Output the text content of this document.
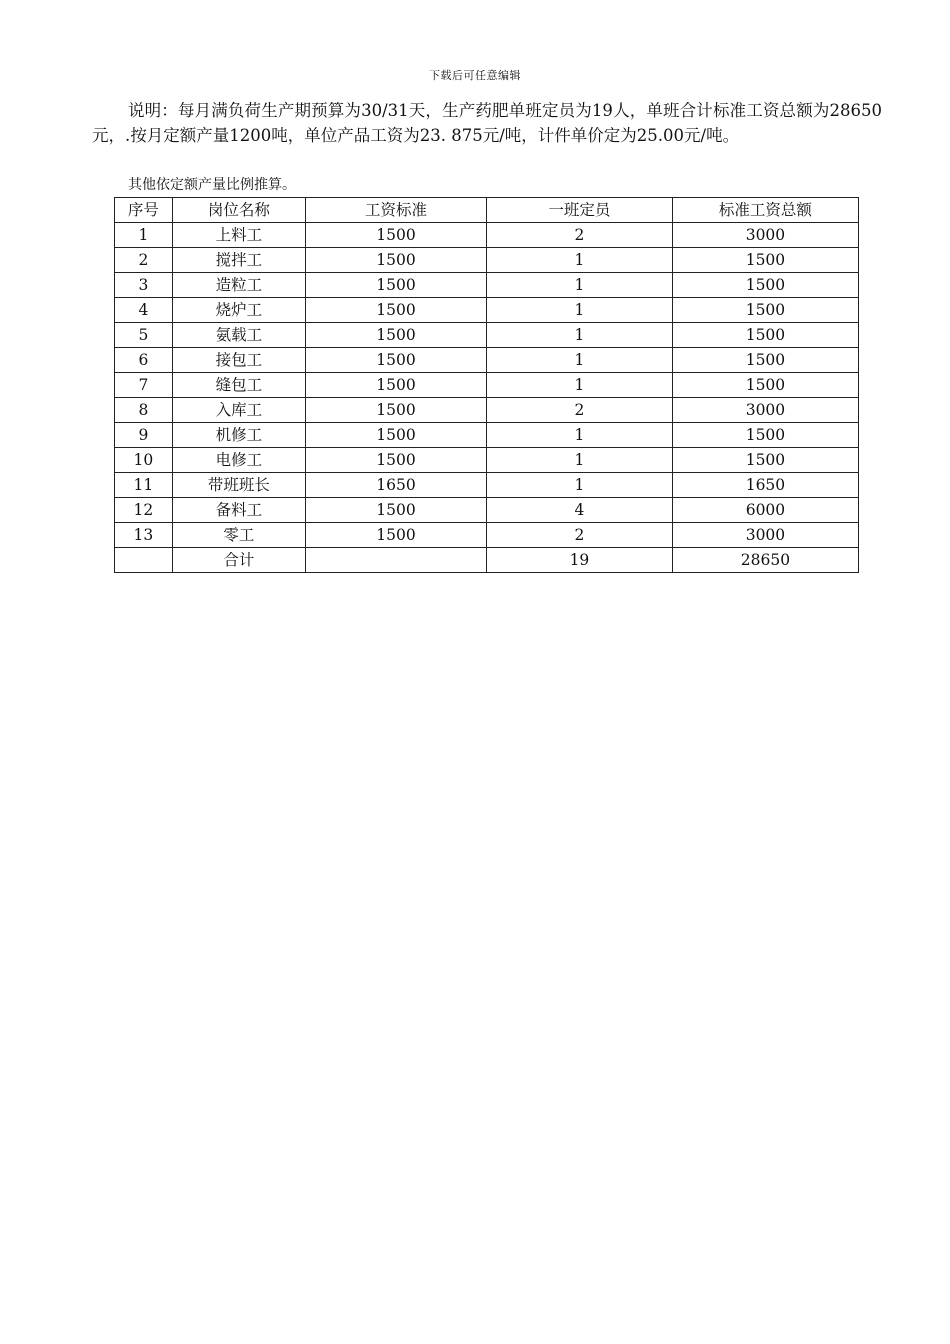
下载后可任意编辑

说明：每月满负荷生产期预算为30/31天，生产药肥单班定员为19人，单班合计标准工资总额为28650元，.按月定额产量1200吨，单位产品工资为23. 875元/吨，计件单价定为25.00元/吨。

其他依定额产量比例推算。

序号	岗位名称	工资标准	一班定员	标准工资总额
1	上料工	1500	2	3000
2	搅拌工	1500	1	1500
3	造粒工	1500	1	1500
4	烧炉工	1500	1	1500
5	氨载工	1500	1	1500
6	接包工	1500	1	1500
7	缝包工	1500	1	1500
8	入库工	1500	2	3000
9	机修工	1500	1	1500
10	电修工	1500	1	1500
11	带班班长	1650	1	1650
12	备料工	1500	4	6000
13	零工	1500	2	3000
	合计		19	28650
